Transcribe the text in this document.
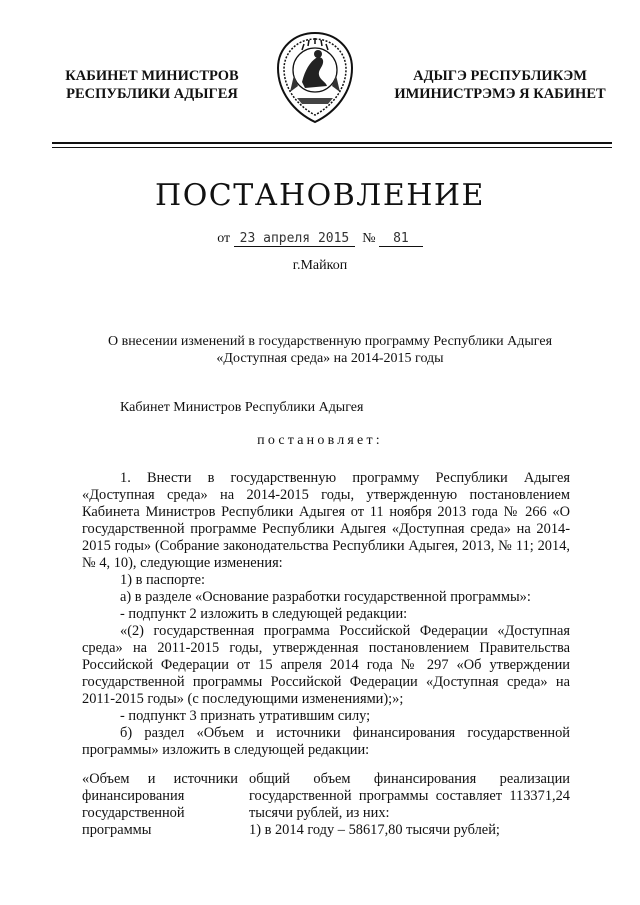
КАБИНЕТ МИНИСТРОВ
РЕСПУБЛИКИ АДЫГЕЯ
АДЫГЭ РЕСПУБЛИКЭМ
ИМИНИСТРЭМЭ Я КАБИНЕТ
ПОСТАНОВЛЕНИЕ
от 23 апреля 2015 № 81
г.Майкоп
О внесении изменений в государственную программу Республики Адыгея
«Доступная среда» на 2014-2015 годы
Кабинет Министров Республики Адыгея
постановляет:

1. Внести в государственную программу Республики Адыгея «Доступная среда» на 2014-2015 годы, утвержденную постановлением Кабинета Министров Республики Адыгея от 11 ноября 2013 года № 266 «О государственной программе Республики Адыгея «Доступная среда» на 2014-2015 годы» (Собрание законодательства Республики Адыгея, 2013, № 11; 2014, № 4, 10), следующие изменения:

1) в паспорте:

а) в разделе «Основание разработки государственной программы»:

- подпункт 2 изложить в следующей редакции:

«(2) государственная программа Российской Федерации «Доступная среда» на 2011-2015 годы, утвержденная постановлением Правительства Российской Федерации от 15 апреля 2014 года № 297 «Об утверждении государственной программы Российской Федерации «Доступная среда» на 2011-2015 годы» (с последующими изменениями);»;

- подпункт 3 признать утратившим силу;

б) раздел «Объем и источники финансирования государственной программы» изложить в следующей редакции:

«Объем и источники финансирования государственной программы

общий объем финансирования реализации государственной программы составляет 113371,24 тысячи рублей, из них:

1) в 2014 году – 58617,80 тысячи рублей;
